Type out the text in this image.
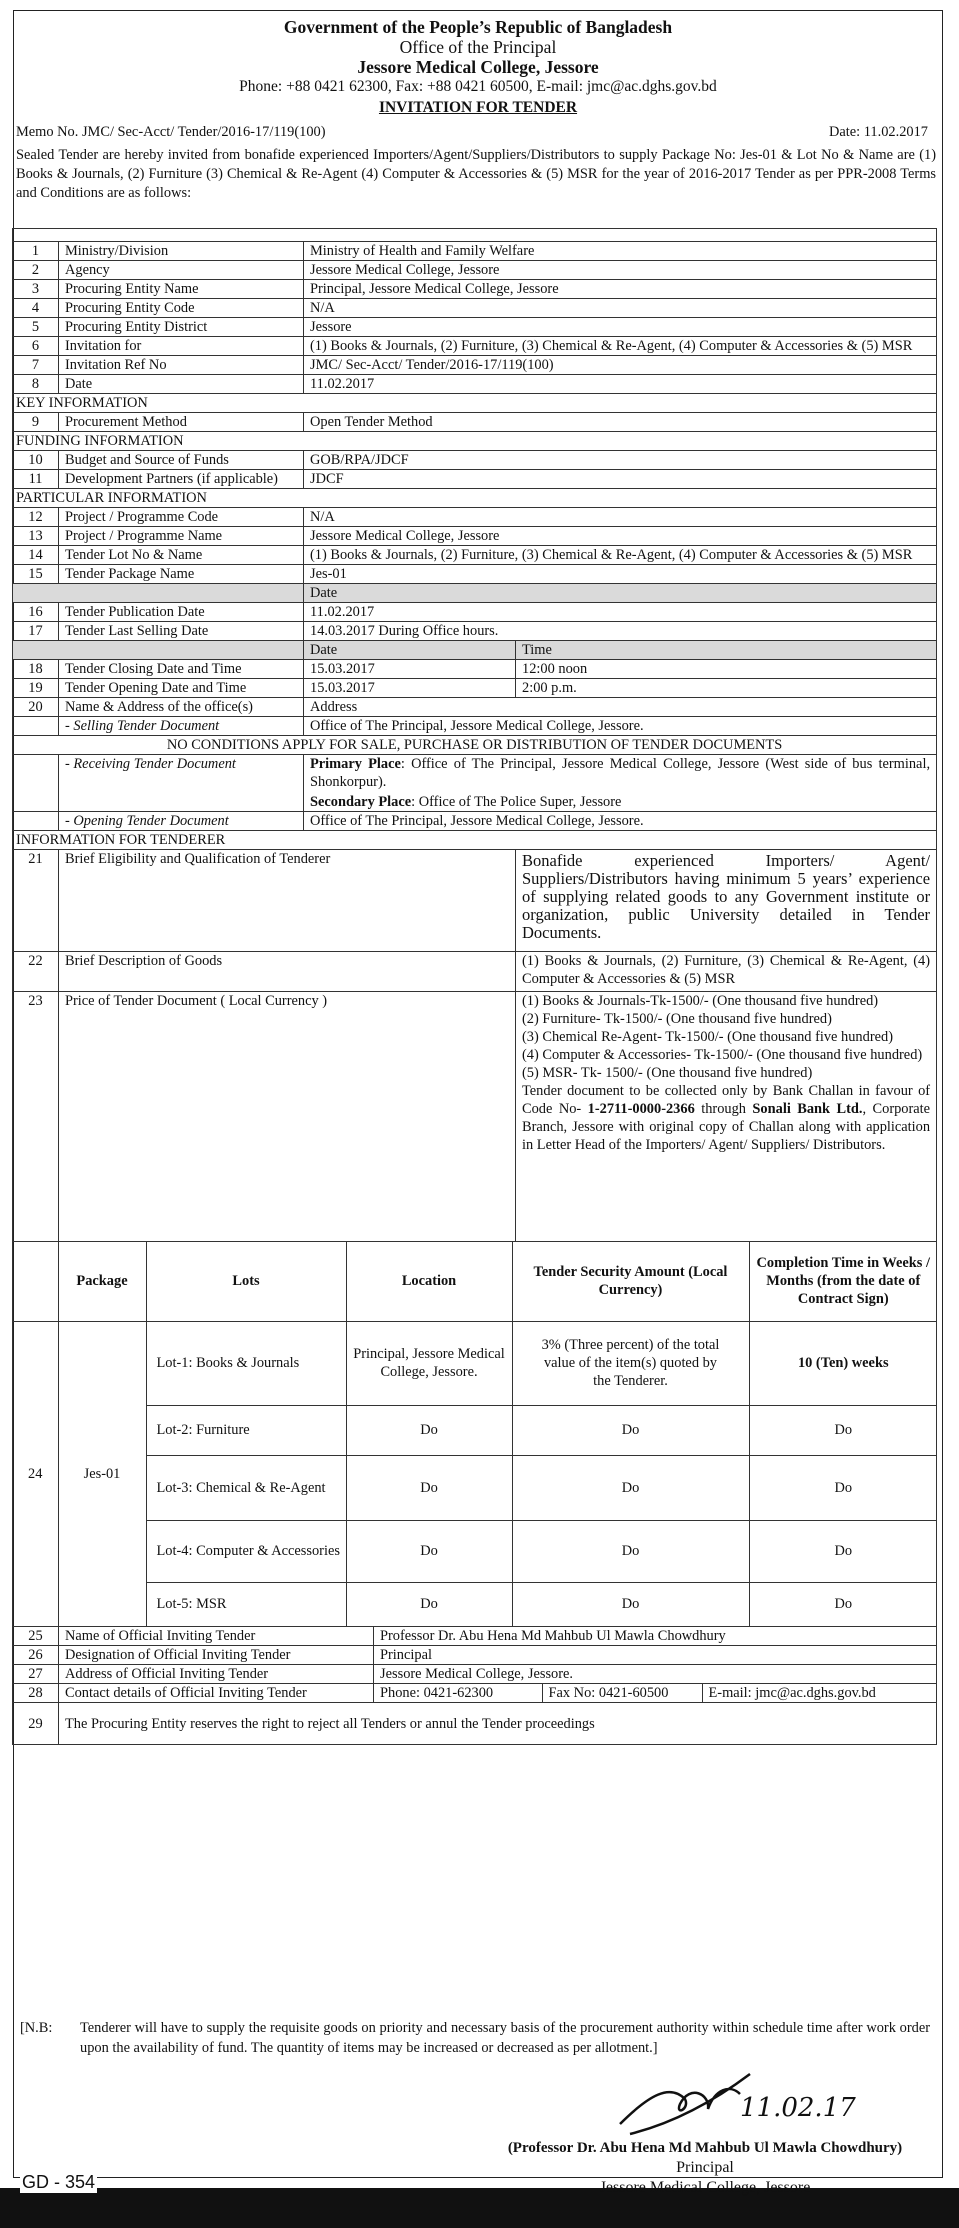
Government of the People’s Republic of Bangladesh
Office of the Principal
Jessore Medical College, Jessore
Phone: +88 0421 62300, Fax: +88 0421 60500, E-mail: jmc@ac.dghs.gov.bd
INVITATION FOR TENDER
Memo No. JMC/ Sec-Acct/ Tender/2016-17/119(100)	Date: 11.02.2017
Sealed Tender are hereby invited from bonafide experienced Importers/Agent/Suppliers/Distributors to supply Package No: Jes-01 & Lot No & Name are (1) Books & Journals, (2) Furniture (3) Chemical & Re-Agent (4) Computer & Accessories & (5) MSR for the year of 2016-2017 Tender as per PPR-2008 Terms and Conditions are as follows:

1	Ministry/Division	Ministry of Health and Family Welfare
2	Agency	Jessore Medical College, Jessore
3	Procuring Entity Name	Principal, Jessore Medical College, Jessore
4	Procuring Entity Code	N/A
5	Procuring Entity District	Jessore
6	Invitation for	(1) Books & Journals, (2) Furniture, (3) Chemical & Re-Agent, (4) Computer & Accessories & (5) MSR
7	Invitation Ref No	JMC/ Sec-Acct/ Tender/2016-17/119(100)
8	Date	11.02.2017
KEY INFORMATION
9	Procurement Method	Open Tender Method
FUNDING INFORMATION
10	Budget and Source of Funds	GOB/RPA/JDCF
11	Development Partners (if applicable)	JDCF
PARTICULAR INFORMATION
12	Project / Programme Code	N/A
13	Project / Programme Name	Jessore Medical College, Jessore
14	Tender Lot No & Name	(1) Books & Journals, (2) Furniture, (3) Chemical & Re-Agent, (4) Computer & Accessories & (5) MSR
15	Tender Package Name	Jes-01
	Date
16	Tender Publication Date	11.02.2017
17	Tender Last Selling Date	14.03.2017 During Office hours.
	Date	Time
18	Tender Closing Date and Time	15.03.2017	12:00 noon
19	Tender Opening Date and Time	15.03.2017	2:00 p.m.
20	Name & Address of the office(s)	Address
	- Selling Tender Document	Office of The Principal, Jessore Medical College, Jessore.
NO CONDITIONS APPLY FOR SALE, PURCHASE OR DISTRIBUTION OF TENDER DOCUMENTS
	- Receiving Tender Document	Primary Place: Office of The Principal, Jessore Medical College, Jessore (West side of bus terminal, Shonkorpur).
Secondary Place: Office of The Police Super, Jessore

	- Opening Tender Document	Office of The Principal, Jessore Medical College, Jessore.
INFORMATION FOR TENDERER
21	Brief Eligibility and Qualification of Tenderer	Bonafide experienced Importers/ Agent/ Suppliers/Distributors having minimum 5 years’ experience of supplying related goods to any Government institute or organization, public University detailed in Tender Documents.
22	Brief Description of Goods	(1) Books & Journals, (2) Furniture, (3) Chemical & Re-Agent, (4) Computer & Accessories & (5) MSR
23	Price of Tender Document ( Local Currency )	(1) Books & Journals-Tk-1500/- (One thousand five hundred)
(2) Furniture- Tk-1500/- (One thousand five hundred)
(3) Chemical Re-Agent- Tk-1500/- (One thousand five hundred)
(4) Computer & Accessories- Tk-1500/- (One thousand five hundred)
(5) MSR- Tk- 1500/- (One thousand five hundred)
Tender document to be collected only by Bank Challan in favour of Code No- 1-2711-0000-2366 through Sonali Bank Ltd., Corporate Branch, Jessore with original copy of Challan along with application in Letter Head of the Importers/ Agent/ Suppliers/ Distributors.

	Package	Lots	Location	Tender Security Amount (Local Currency)	Completion Time in Weeks / Months (from the date of Contract Sign)
24	Jes-01	Lot-1: Books & Journals	Principal, Jessore Medical College, Jessore.	3% (Three percent) of the total value of the item(s) quoted by the Tenderer.	10 (Ten) weeks
Lot-2: Furniture	Do	Do	Do
Lot-3: Chemical & Re-Agent	Do	Do	Do
Lot-4: Computer & Accessories	Do	Do	Do
Lot-5: MSR	Do	Do	Do

25	Name of Official Inviting Tender	Professor Dr. Abu Hena Md Mahbub Ul Mawla Chowdhury
26	Designation of Official Inviting Tender	Principal
27	Address of Official Inviting Tender	Jessore Medical College, Jessore.
28	Contact details of Official Inviting Tender		Phone: 0421-62300	Fax No: 0421-60500	E-mail: jmc@ac.dghs.gov.bd

29	The Procuring Entity reserves the right to reject all Tenders or annul the Tender proceedings
[N.B:	Tenderer will have to supply the requisite goods on priority and necessary basis of the procurement authority within schedule time after work order upon the availability of fund. The quantity of items may be increased or decreased as per allotment.]
11.02.17
(Professor Dr. Abu Hena Md Mahbub Ul Mawla Chowdhury)
Principal
Jessore Medical College, Jessore
GD - 354
